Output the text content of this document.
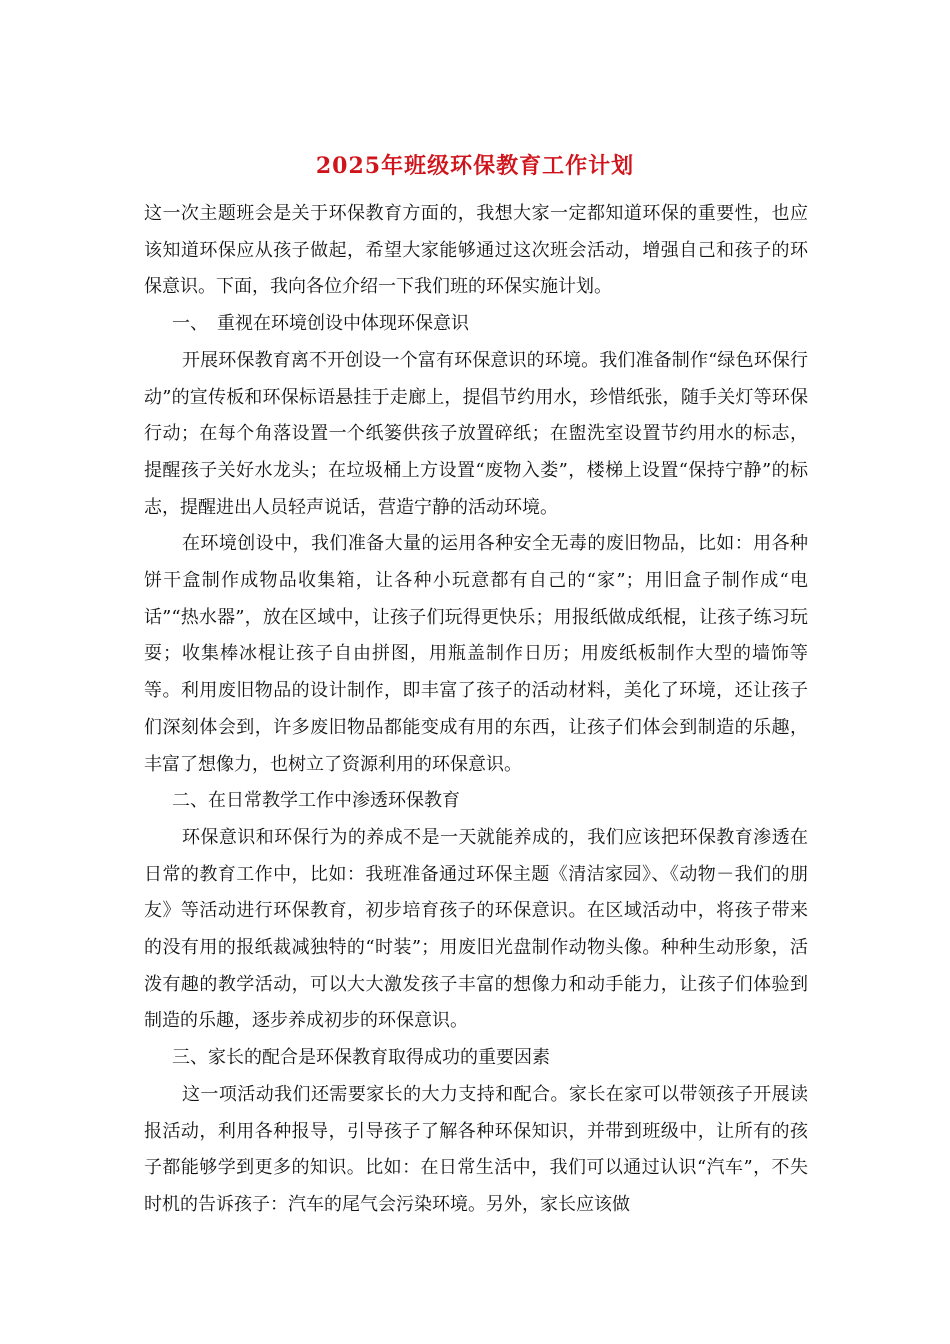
2025年班级环保教育工作计划

这一次主题班会是关于环保教育方面的，我想大家一定都知道环保的重要性，也应该知道环保应从孩子做起，希望大家能够通过这次班会活动，增强自己和孩子的环保意识。下面，我向各位介绍一下我们班的环保实施计划。

一、　重视在环境创设中体现环保意识

开展环保教育离不开创设一个富有环保意识的环境。我们准备制作“绿色环保行动”的宣传板和环保标语悬挂于走廊上，提倡节约用水，珍惜纸张，随手关灯等环保行动；在每个角落设置一个纸篓供孩子放置碎纸；在盥洗室设置节约用水的标志，提醒孩子关好水龙头；在垃圾桶上方设置“废物入娄”，楼梯上设置“保持宁静”的标志，提醒进出人员轻声说话，营造宁静的活动环境。

在环境创设中，我们准备大量的运用各种安全无毒的废旧物品，比如：用各种饼干盒制作成物品收集箱，让各种小玩意都有自己的“家”；用旧盒子制作成“电话”“热水器”，放在区域中，让孩子们玩得更快乐；用报纸做成纸棍，让孩子练习玩耍；收集棒冰棍让孩子自由拼图，用瓶盖制作日历；用废纸板制作大型的墙饰等等。利用废旧物品的设计制作，即丰富了孩子的活动材料，美化了环境，还让孩子们深刻体会到，许多废旧物品都能变成有用的东西，让孩子们体会到制造的乐趣，丰富了想像力，也树立了资源利用的环保意识。

二、在日常教学工作中渗透环保教育

环保意识和环保行为的养成不是一天就能养成的，我们应该把环保教育渗透在日常的教育工作中，比如：我班准备通过环保主题《清洁家园》、《动物－我们的朋友》等活动进行环保教育，初步培育孩子的环保意识。在区域活动中，将孩子带来的没有用的报纸裁减独特的“时装”；用废旧光盘制作动物头像。种种生动形象，活泼有趣的教学活动，可以大大激发孩子丰富的想像力和动手能力，让孩子们体验到制造的乐趣，逐步养成初步的环保意识。

三、家长的配合是环保教育取得成功的重要因素

这一项活动我们还需要家长的大力支持和配合。家长在家可以带领孩子开展读报活动，利用各种报导，引导孩子了解各种环保知识，并带到班级中，让所有的孩子都能够学到更多的知识。比如：在日常生活中，我们可以通过认识“汽车”，不失时机的告诉孩子：汽车的尾气会污染环境。另外，家长应该做
